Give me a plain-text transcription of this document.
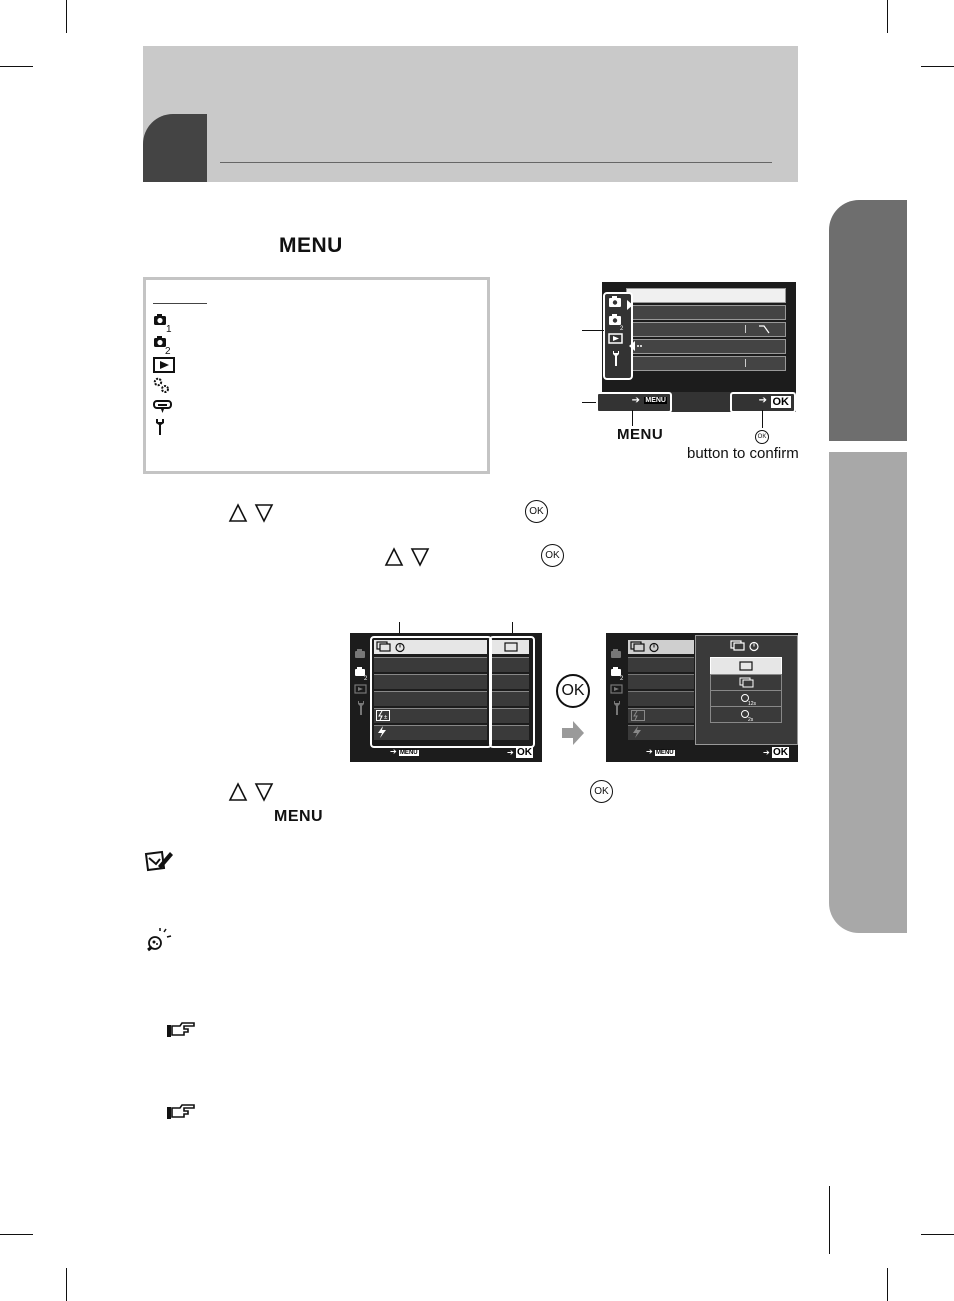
MENU
1
2
2
MENU
➔	OK
➔
MENU	OK
button to confirm
OK
OK
2
±
➔ MENU	➔ OK
OK
2
12s
2s
➔ MENU	➔ OK
OK
MENU
